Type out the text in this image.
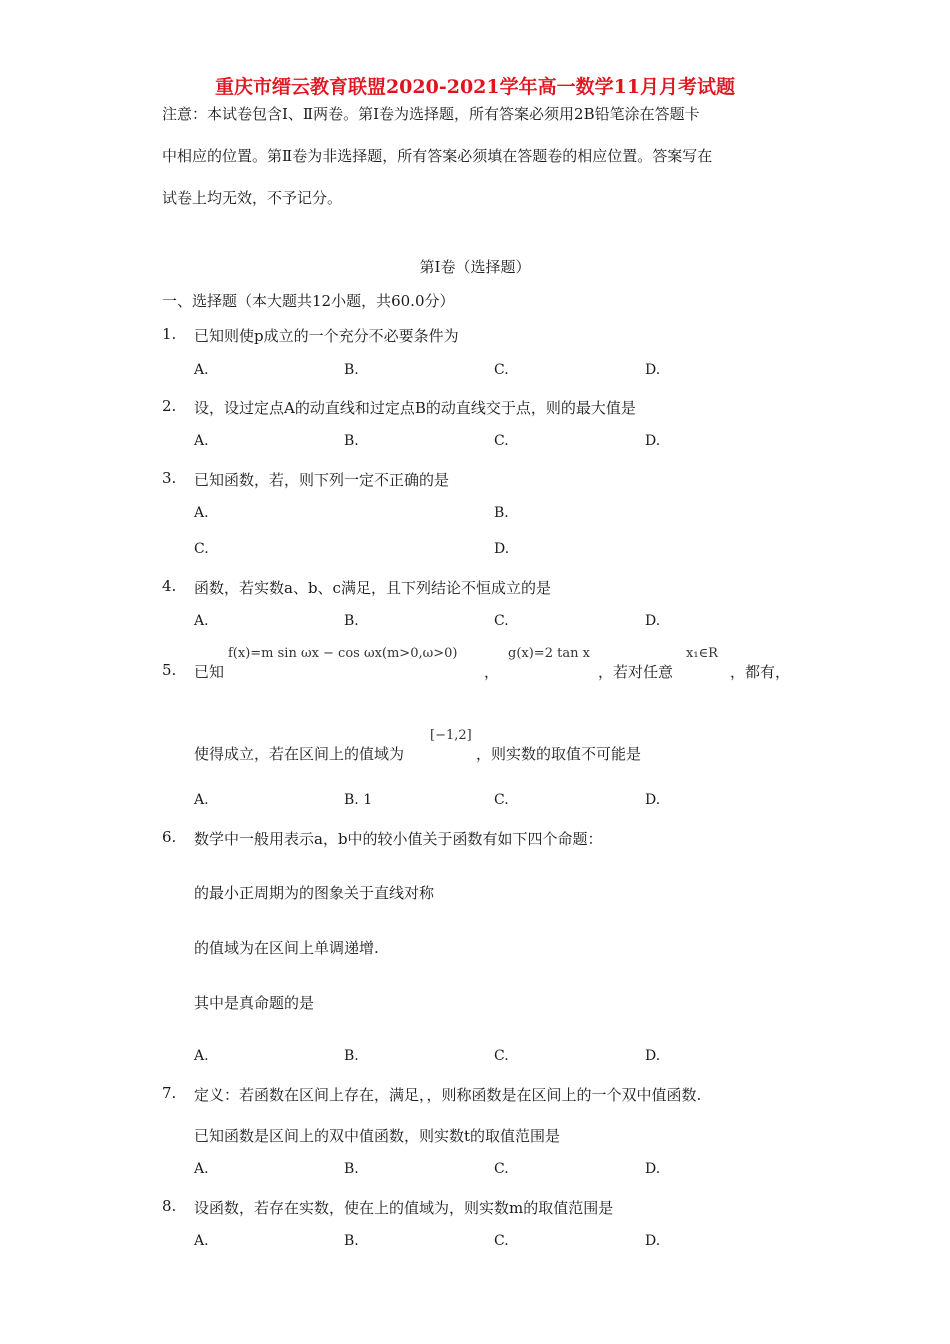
重庆市缙云教育联盟2020-2021学年高一数学11月月考试题
注意：本试卷包含Ⅰ、Ⅱ两卷。第Ⅰ卷为选择题，所有答案必须用2B铅笔涂在答题卡
中相应的位置。第Ⅱ卷为非选择题，所有答案必须填在答题卷的相应位置。答案写在
试卷上均无效，不予记分。
第Ⅰ卷（选择题）
一、选择题（本大题共12小题，共60.0分）
1. 已知则使p成立的一个充分不必要条件为
A.	B.	C.	D.
2. 设，设过定点A的动直线和过定点B的动直线交于点，则的最大值是
A.	B.	C.	D.
3. 已知函数，若，则下列一定不正确的是
A.	B.
C.	D.
4. 函数，若实数a、b、c满足，且下列结论不恒成立的是
A.	B.	C.	D.
5. 已知
f(x)=m sin ωx − cos ωx(m>0,ω>0)
，
g(x)=2 tan x
，若对任意
x₁∈R
，都有，
使得成立，若在区间上的值域为
[−1,2]
，则实数的取值不可能是
A.	B. 1	C.	D.
6. 数学中一般用表示a，b中的较小值关于函数有如下四个命题：
的最小正周期为的图象关于直线对称
的值域为在区间上单调递增.
其中是真命题的是
A.	B.	C.	D.
7. 定义：若函数在区间上存在，满足，，则称函数是在区间上的一个双中值函数.
已知函数是区间上的双中值函数，则实数t的取值范围是
A.	B.	C.	D.
8. 设函数，若存在实数，使在上的值域为，则实数m的取值范围是
A.	B.	C.	D.
